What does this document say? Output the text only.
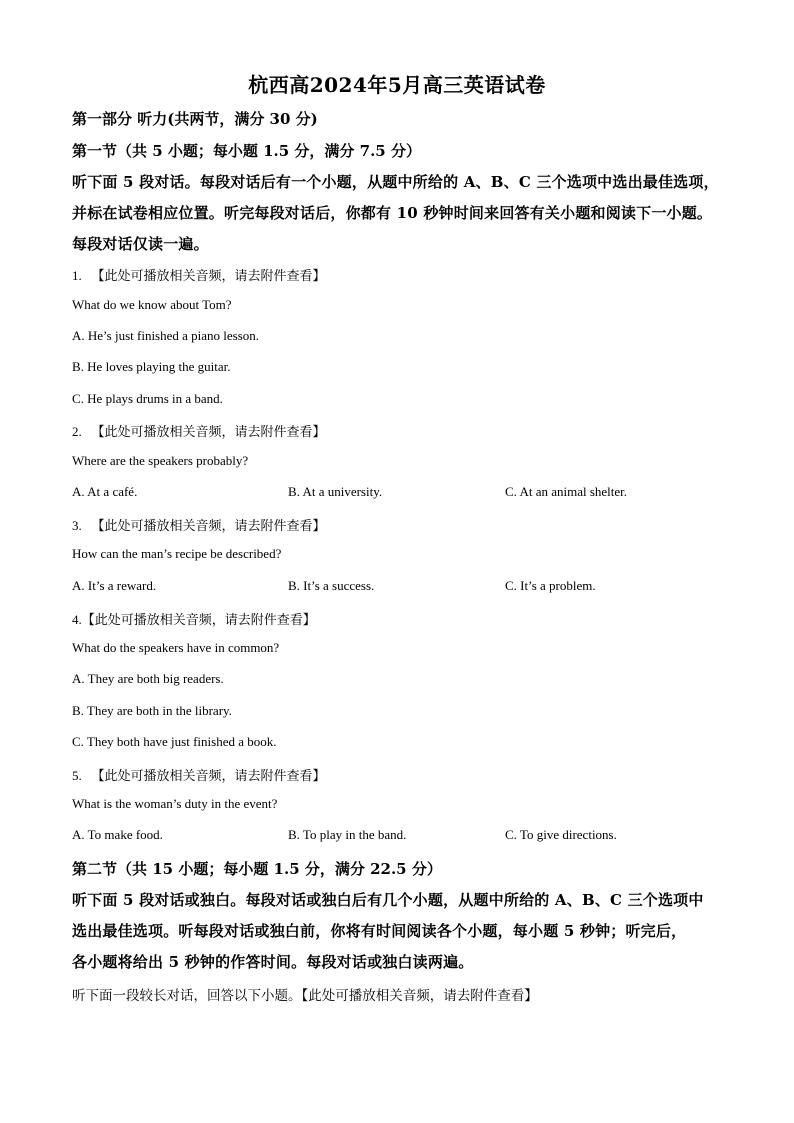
杭西高2024年5月高三英语试卷
第一部分 听力(共两节，满分 30 分)
第一节（共 5 小题；每小题 1.5 分，满分 7.5 分）
听下面 5 段对话。每段对话后有一个小题，从题中所给的 A、B、C 三个选项中选出最佳选项，
并标在试卷相应位置。听完每段对话后，你都有 10 秒钟时间来回答有关小题和阅读下一小题。
每段对话仅读一遍。
1. 【此处可播放相关音频，请去附件查看】
What do we know about Tom?
A. He’s just finished a piano lesson.
B. He loves playing the guitar.
C. He plays drums in a band.
2. 【此处可播放相关音频，请去附件查看】
Where are the speakers probably?
A. At a café.	B. At a university.	C. At an animal shelter.
3. 【此处可播放相关音频，请去附件查看】
How can the man’s recipe be described?
A. It’s a reward.	B. It’s a success.	C. It’s a problem.
4.【此处可播放相关音频，请去附件查看】
What do the speakers have in common?
A. They are both big readers.
B. They are both in the library.
C. They both have just finished a book.
5. 【此处可播放相关音频，请去附件查看】
What is the woman’s duty in the event?
A. To make food.	B. To play in the band.	C. To give directions.
第二节（共 15 小题；每小题 1.5 分，满分 22.5 分）
听下面 5 段对话或独白。每段对话或独白后有几个小题，从题中所给的 A、B、C 三个选项中
选出最佳选项。听每段对话或独白前，你将有时间阅读各个小题，每小题 5 秒钟；听完后，
各小题将给出 5 秒钟的作答时间。每段对话或独白读两遍。
听下面一段较长对话，回答以下小题。【此处可播放相关音频，请去附件查看】
